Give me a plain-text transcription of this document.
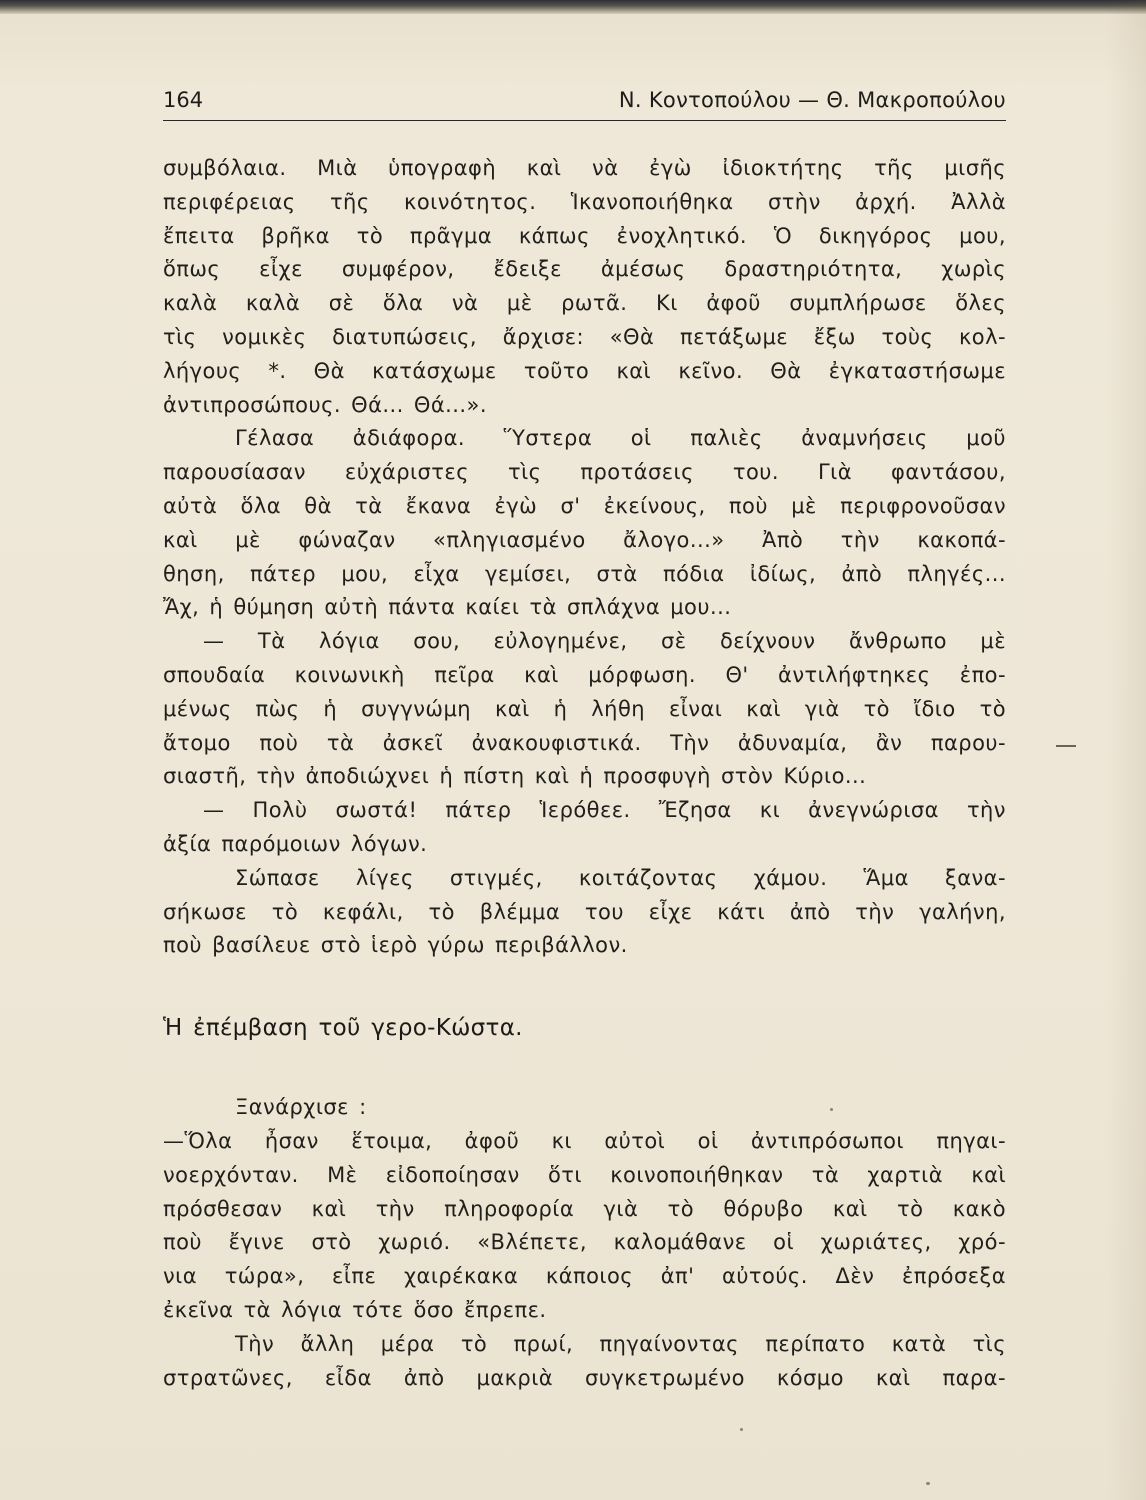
164	Ν. Κοντοπούλου — Θ. Μακροπούλου
συμβόλαια. Μιὰ ὑπογραφὴ καὶ νὰ ἐγὼ ἰδιοκτήτης τῆς μισῆς
περιφέρειας τῆς κοινότητος. Ἱκανοποιήθηκα στὴν ἀρχή. Ἀλλὰ
ἔπειτα βρῆκα τὸ πρᾶγμα κάπως ἐνοχλητικό. Ὁ δικηγόρος μου,
ὅπως εἶχε συμφέρον, ἔδειξε ἀμέσως δραστηριότητα, χωρὶς
καλὰ καλὰ σὲ ὅλα νὰ μὲ ρωτᾶ. Κι ἀφοῦ συμπλήρωσε ὅλες
τὶς νομικὲς διατυπώσεις, ἄρχισε: «Θὰ πετάξωμε ἔξω τοὺς κολ-
λήγους *. Θὰ κατάσχωμε τοῦτο καὶ κεῖνο. Θὰ ἐγκαταστήσωμε
ἀντιπροσώπους. Θά... Θά...».
Γέλασα ἀδιάφορα. Ὕστερα οἱ παλιὲς ἀναμνήσεις μοῦ
παρουσίασαν εὐχάριστες τὶς προτάσεις του. Γιὰ φαντάσου,
αὐτὰ ὅλα θὰ τὰ ἔκανα ἐγὼ σ' ἐκείνους, ποὺ μὲ περιφρονοῦσαν
καὶ μὲ φώναζαν «πληγιασμένο ἄλογο...» Ἀπὸ τὴν κακοπά-
θηση, πάτερ μου, εἶχα γεμίσει, στὰ πόδια ἰδίως, ἀπὸ πληγές...
Ἄχ, ἡ θύμηση αὐτὴ πάντα καίει τὰ σπλάχνα μου...
— Τὰ λόγια σου, εὐλογημένε, σὲ δείχνουν ἄνθρωπο μὲ
σπουδαία κοινωνικὴ πεῖρα καὶ μόρφωση. Θ' ἀντιλήφτηκες ἐπο-
μένως πὼς ἡ συγγνώμη καὶ ἡ λήθη εἶναι καὶ γιὰ τὸ ἴδιο τὸ
ἄτομο ποὺ τὰ ἀσκεῖ ἀνακουφιστικά. Τὴν ἀδυναμία, ἂν παρου-
σιαστῆ, τὴν ἀποδιώχνει ἡ πίστη καὶ ἡ προσφυγὴ στὸν Κύριο...
— Πολὺ σωστά! πάτερ Ἱερόθεε. Ἔζησα κι ἀνεγνώρισα τὴν
ἀξία παρόμοιων λόγων.
Σώπασε λίγες στιγμές, κοιτάζοντας χάμου. Ἅμα ξανα-
σήκωσε τὸ κεφάλι, τὸ βλέμμα του εἶχε κάτι ἀπὸ τὴν γαλήνη,
ποὺ βασίλευε στὸ ἱερὸ γύρω περιβάλλον.
Ἡ ἐπέμβαση τοῦ γερο-Κώστα.
Ξανάρχισε :
—Ὅλα ἦσαν ἕτοιμα, ἀφοῦ κι αὐτοὶ οἱ ἀντιπρόσωποι πηγαι-
νοερχόνταν. Μὲ εἰδοποίησαν ὅτι κοινοποιήθηκαν τὰ χαρτιὰ καὶ
πρόσθεσαν καὶ τὴν πληροφορία γιὰ τὸ θόρυβο καὶ τὸ κακὸ
ποὺ ἔγινε στὸ χωριό. «Βλέπετε, καλομάθανε οἱ χωριάτες, χρό-
νια τώρα», εἶπε χαιρέκακα κάποιος ἀπ' αὐτούς. Δὲν ἐπρόσεξα
ἐκεῖνα τὰ λόγια τότε ὅσο ἔπρεπε.
Τὴν ἄλλη μέρα τὸ πρωί, πηγαίνοντας περίπατο κατὰ τὶς
στρατῶνες, εἶδα ἀπὸ μακριὰ συγκετρωμένο κόσμο καὶ παρα-
